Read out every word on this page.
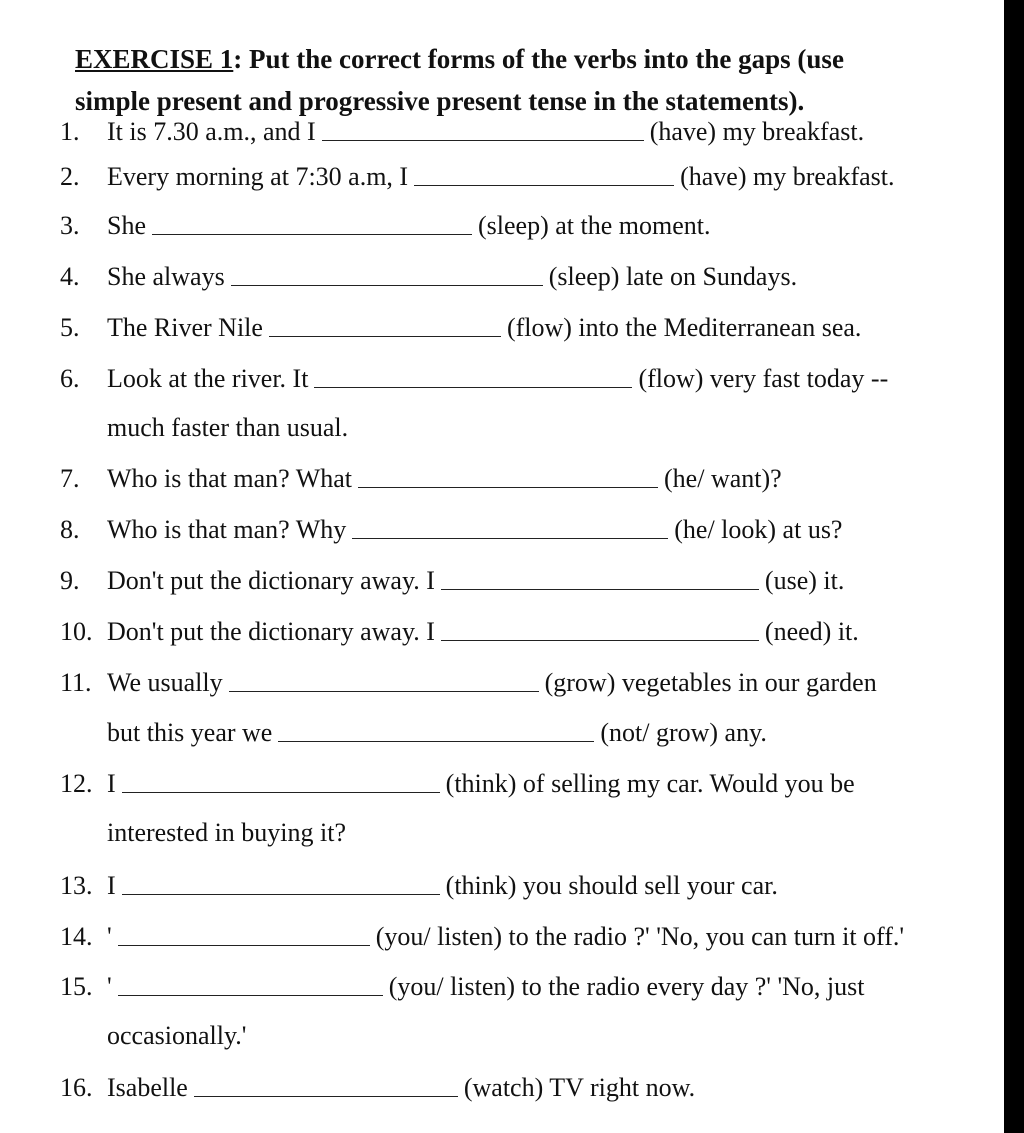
EXERCISE 1: Put the correct forms of the verbs into the gaps (use
simple present and progressive present tense in the statements).
1.	It is 7.30 a.m., and I	(have) my breakfast.
2.	Every morning at 7:30 a.m, I	(have) my breakfast.
3.	She	(sleep) at the moment.
4.	She always	(sleep) late on Sundays.
5.	The River Nile	(flow) into the Mediterranean sea.
6.	Look at the river. It	(flow) very fast today --
much faster than usual.
7.	Who is that man? What	(he/ want)?
8.	Who is that man? Why	(he/ look) at us?
9.	Don't put the dictionary away. I	(use) it.
10. Don't put the dictionary away. I	(need) it.
11. We usually	(grow) vegetables in our garden
but this year we	(not/ grow) any.
12. I	(think) of selling my car. Would you be
interested in buying it?
13. I	(think) you should sell your car.
14. '	(you/ listen) to the radio ?' 'No, you can turn it off.'
15. '	(you/ listen) to the radio every day ?' 'No, just
occasionally.'
16. Isabelle	(watch) TV right now.
